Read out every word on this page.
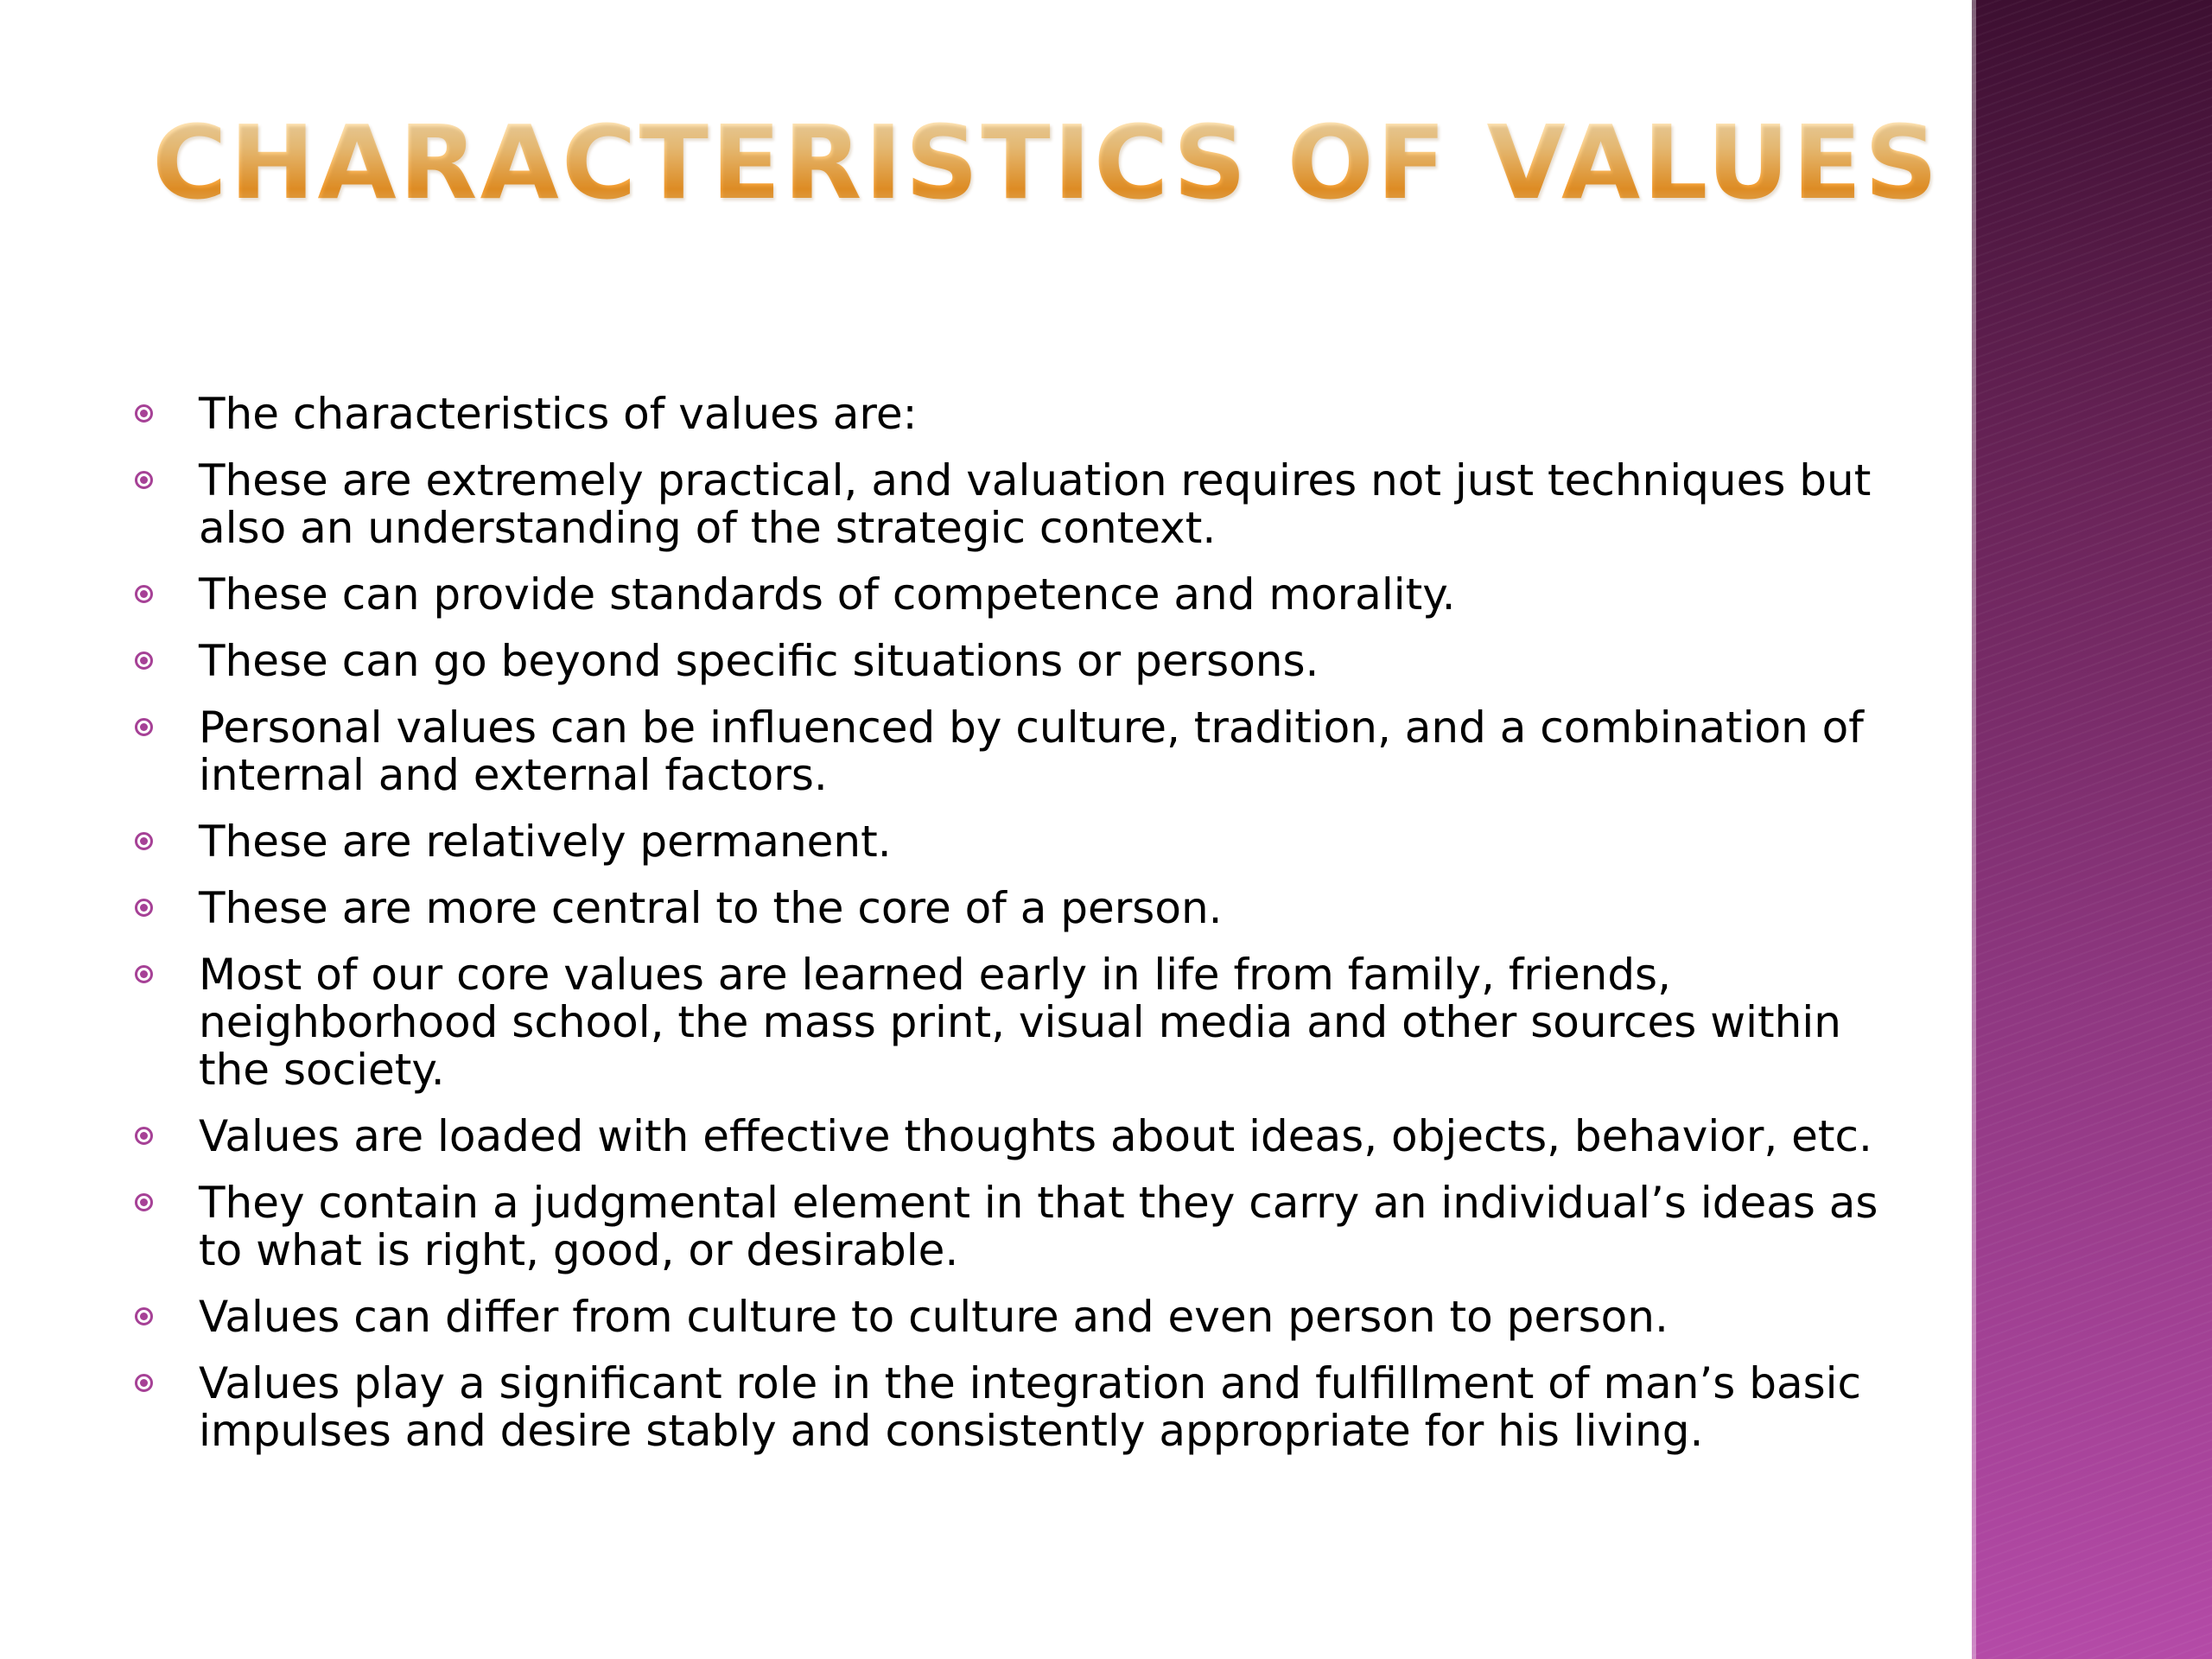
CHARACTERISTICS OF VALUES
The characteristics of values are:
These are extremely practical, and valuation requires not just techniques but also an understanding of the strategic context.
These can provide standards of competence and morality.
These can go beyond specific situations or persons.
Personal values can be influenced by culture, tradition, and a combination of internal and external factors.
These are relatively permanent.
These are more central to the core of a person.
Most of our core values are learned early in life from family, friends, neighborhood school, the mass print, visual media and other sources within the society.
Values are loaded with effective thoughts about ideas, objects, behavior, etc.
They contain a judgmental element in that they carry an individual’s ideas as to what is right, good, or desirable.
Values can differ from culture to culture and even person to person.
Values play a significant role in the integration and fulfillment of man’s basic impulses and desire stably and consistently appropriate for his living.
